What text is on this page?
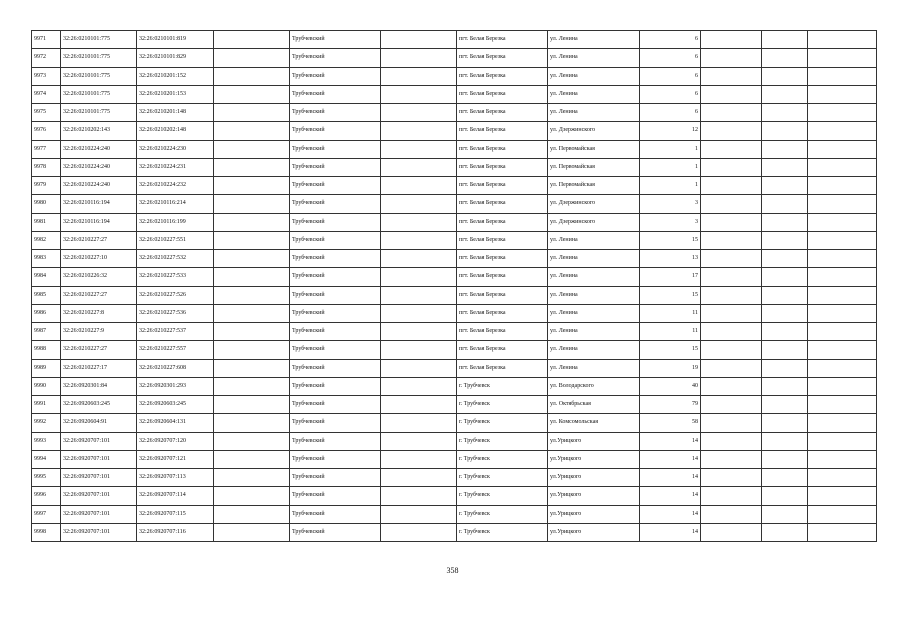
9971	32:26:0210101:775	32:26:0210101:819		Трубчевский		пгт. Белая Березка	ул. Ленина	6			
9972	32:26:0210101:775	32:26:0210101:829		Трубчевский		пгт. Белая Березка	ул. Ленина	6			
9973	32:26:0210101:775	32:26:0210201:152		Трубчевский		пгт. Белая Березка	ул. Ленина	6			
9974	32:26:0210101:775	32:26:0210201:153		Трубчевский		пгт. Белая Березка	ул. Ленина	6			
9975	32:26:0210101:775	32:26:0210201:148		Трубчевский		пгт. Белая Березка	ул. Ленина	6			
9976	32:26:0210202:143	32:26:0210202:148		Трубчевский		пгт. Белая Березка	ул. Дзержинского	12			
9977	32:26:0210224:240	32:26:0210224:230		Трубчевский		пгт. Белая Березка	ул. Первомайская	1			
9978	32:26:0210224:240	32:26:0210224:231		Трубчевский		пгт. Белая Березка	ул. Первомайская	1			
9979	32:26:0210224:240	32:26:0210224:232		Трубчевский		пгт. Белая Березка	ул. Первомайская	1			
9980	32:26:0210116:194	32:26:0210116:214		Трубчевский		пгт. Белая Березка	ул. Дзержинского	3			
9981	32:26:0210116:194	32:26:0210116:199		Трубчевский		пгт. Белая Березка	ул. Дзержинского	3			
9982	32:26:0210227:27	32:26:0210227:551		Трубчевский		пгт. Белая Березка	ул. Ленина	15			
9983	32:26:0210227:10	32:26:0210227:532		Трубчевский		пгт. Белая Березка	ул. Ленина	13			
9984	32:26:0210226:32	32:26:0210227:533		Трубчевский		пгт. Белая Березка	ул. Ленина	17			
9985	32:26:0210227:27	32:26:0210227:526		Трубчевский		пгт. Белая Березка	ул. Ленина	15			
9986	32:26:0210227:8	32:26:0210227:536		Трубчевский		пгт. Белая Березка	ул. Ленина	11			
9987	32:26:0210227:9	32:26:0210227:537		Трубчевский		пгт. Белая Березка	ул. Ленина	11			
9988	32:26:0210227:27	32:26:0210227:557		Трубчевский		пгт. Белая Березка	ул. Ленина	15			
9989	32:26:0210227:17	32:26:0210227:608		Трубчевский		пгт. Белая Березка	ул. Ленина	19			
9990	32:26:0920301:84	32:26:0920301:293		Трубчевский		г. Трубчевск	ул. Володарского	40			
9991	32:26:0920603:245	32:26:0920603:245		Трубчевский		г. Трубчевск	ул. Октябрьская	79			
9992	32:26:0920604:91	32:26:0920604:131		Трубчевский		г. Трубчевск	ул. Комсомольская	58			
9993	32:26:0920707:101	32:26:0920707:120		Трубчевский		г. Трубчевск	ул.Урицкого	14			
9994	32:26:0920707:101	32:26:0920707:121		Трубчевский		г. Трубчевск	ул.Урицкого	14			
9995	32:26:0920707:101	32:26:0920707:113		Трубчевский		г. Трубчевск	ул.Урицкого	14			
9996	32:26:0920707:101	32:26:0920707:114		Трубчевский		г. Трубчевск	ул.Урицкого	14			
9997	32:26:0920707:101	32:26:0920707:115		Трубчевский		г. Трубчевск	ул.Урицкого	14			
9998	32:26:0920707:101	32:26:0920707:116		Трубчевский		г. Трубчевск	ул.Урицкого	14			
358
